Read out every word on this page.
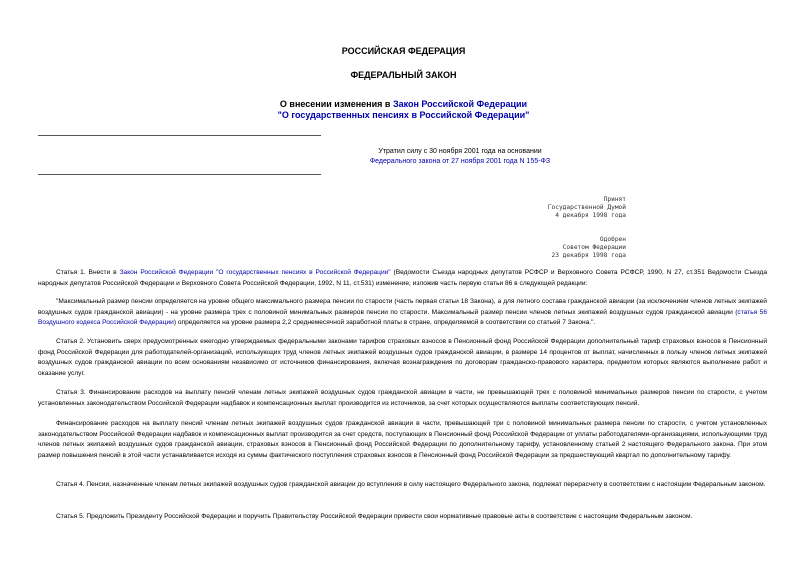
РОССИЙСКАЯ ФЕДЕРАЦИЯ
ФЕДЕРАЛЬНЫЙ ЗАКОН
О внесении изменения в Закон Российской Федерации
"О государственных пенсиях в Российской Федерации"
Утратил силу с 30 ноября 2001 года на основании
Федерального закона от 27 ноября 2001 года N 155-ФЗ
Принят
Государственной Думой
4 декабря 1998 года
Одобрен
Советом Федерации
23 декабря 1998 года
Статья 1. Внести в Закон Российской Федерации "О государственных пенсиях в Российской Федерации" (Ведомости Съезда народных депутатов РСФСР и Верховного Совета РСФСР, 1990, N 27, ст.351 Ведомости Съезда народных депутатов Российской Федерации и Верховного Совета Российской Федерации, 1992, N 11, ст.531) изменение, изложив часть первую статьи 86 в следующей редакции:
"Максимальный размер пенсии определяется на уровне общего максимального размера пенсии по старости (часть первая статьи 18 Закона), а для летного состава гражданской авиации (за исключением членов летных экипажей воздушных судов гражданской авиации) - на уровне размера трех с половиной минимальных размеров пенсии по старости. Максимальный размер пенсии членов летных экипажей воздушных судов гражданской авиации (статья 56 Воздушного кодекса Российской Федерации) определяется на уровне размера 2,2 среднемесячной заработной платы в стране, определяемой в соответствии со статьей 7 Закона.".
Статья 2. Установить сверх предусмотренных ежегодно утверждаемых федеральными законами тарифов страховых взносов в Пенсионный фонд Российской Федерации дополнительный тариф страховых взносов в Пенсионный фонд Российской Федерации для работодателей-организаций, использующих труд членов летных экипажей воздушных судов гражданской авиации, в размере 14 процентов от выплат, начисленных в пользу членов летных экипажей воздушных судов гражданской авиации по всем основаниям независимо от источников финансирования, включая вознаграждения по договорам гражданско-правового характера, предметом которых являются выполнение работ и оказание услуг.
Статья 3. Финансирование расходов на выплату пенсий членам летных экипажей воздушных судов гражданской авиации в части, не превышающей трех с половиной минимальных размеров пенсии по старости, с учетом установленных законодательством Российской Федерации надбавок и компенсационных выплат производится из источников, за счет которых осуществляются выплаты соответствующих пенсий.
Финансирование расходов на выплату пенсий членам летных экипажей воздушных судов гражданской авиации в части, превышающей три с половиной минимальных размера пенсии по старости, с учетом установленных законодательством Российской Федерации надбавок и компенсационных выплат производится за счет средств, поступающих в Пенсионный фонд Российской Федерации от уплаты работодателями-организациями, использующими труд членов летных экипажей воздушных судов гражданской авиации, страховых взносов в Пенсионный фонд Российской Федерации по дополнительному тарифу, установленному статьей 2 настоящего Федерального закона. При этом размер повышения пенсий в этой части устанавливается исходя из суммы фактического поступления страховых взносов в Пенсионный фонд Российской Федерации за предшествующий квартал по дополнительному тарифу.
Статья 4. Пенсии, назначенные членам летных экипажей воздушных судов гражданской авиации до вступления в силу настоящего Федерального закона, подлежат перерасчету в соответствии с настоящим Федеральным законом.
Статья 5. Предложить Президенту Российской Федерации и поручить Правительству Российской Федерации привести свои нормативные правовые акты в соответствие с настоящим Федеральным законом.
